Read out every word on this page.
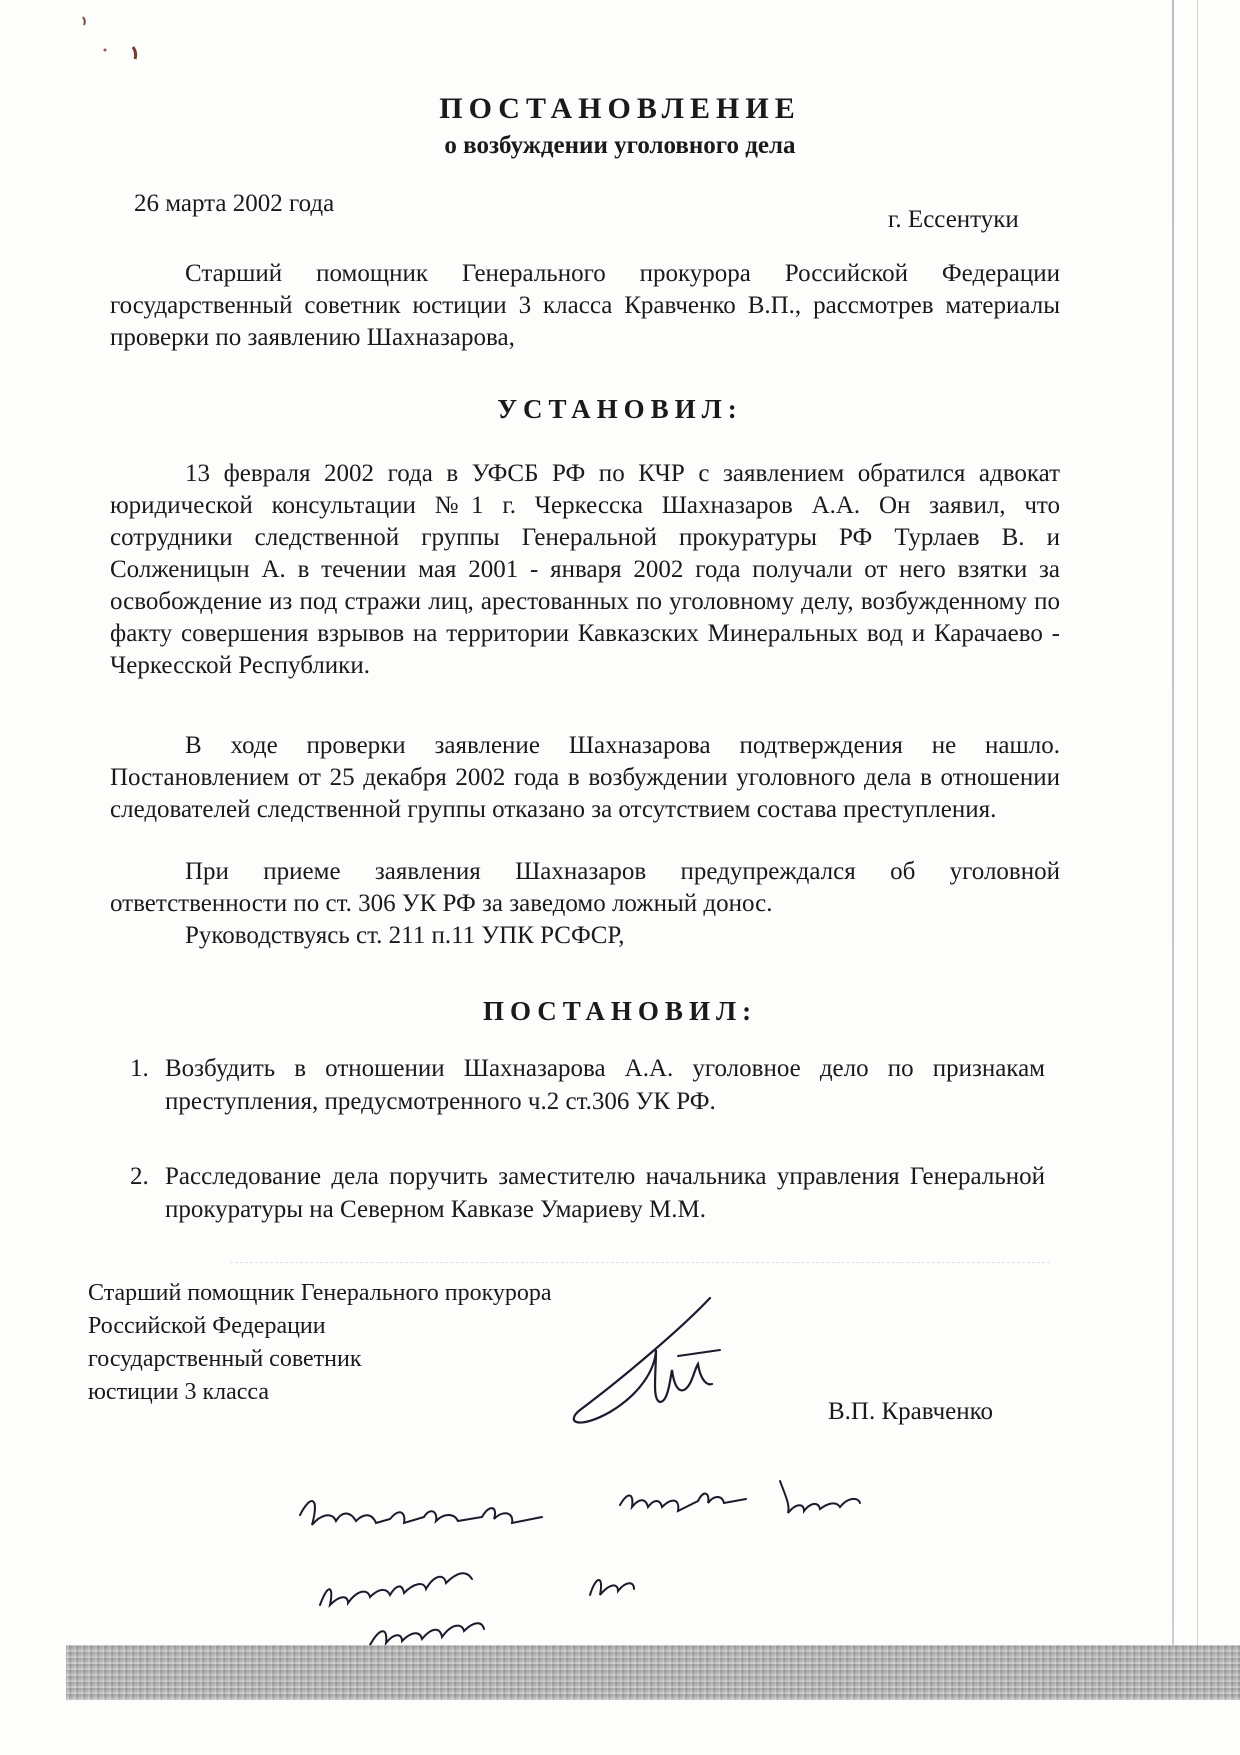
ПОСТАНОВЛЕНИЕ
о возбуждении уголовного дела
26 марта 2002 года
г. Ессентуки

Старший помощник Генерального прокурора Российской Федерации государственный советник юстиции 3 класса Кравченко В.П., рассмотрев материалы проверки по заявлению Шахназарова,

УСТАНОВИЛ:

13 февраля 2002 года в УФСБ РФ по КЧР с заявлением обратился адвокат юридической консультации №1 г. Черкесска Шахназаров А.А. Он заявил, что сотрудники следственной группы Генеральной прокуратуры РФ Турлаев В. и Солженицын А. в течении мая 2001 - января 2002 года получали от него взятки за освобождение из под стражи лиц, арестованных по уголовному делу, возбужденному по факту совершения взрывов на территории Кавказских Минеральных вод и Карачаево - Черкесской Республики.

В ходе проверки заявление Шахназарова подтверждения не нашло. Постановлением от 25 декабря 2002 года в возбуждении уголовного дела в отношении следователей следственной группы отказано за отсутствием состава преступления.

При приеме заявления Шахназаров предупреждался об уголовной ответственности по ст. 306 УК РФ за заведомо ложный донос.

Руководствуясь ст. 211 п.11 УПК РСФСР,

ПОСТАНОВИЛ:
1. Возбудить в отношении Шахназарова А.А. уголовное дело по признакам преступления, предусмотренного ч.2 ст.306 УК РФ.
2. Расследование дела поручить заместителю начальника управления Генеральной прокуратуры на Северном Кавказе Умариеву М.М.
Старший помощник Генерального прокурора
Российской Федерации
государственный советник
юстиции 3 класса
В.П. Кравченко
